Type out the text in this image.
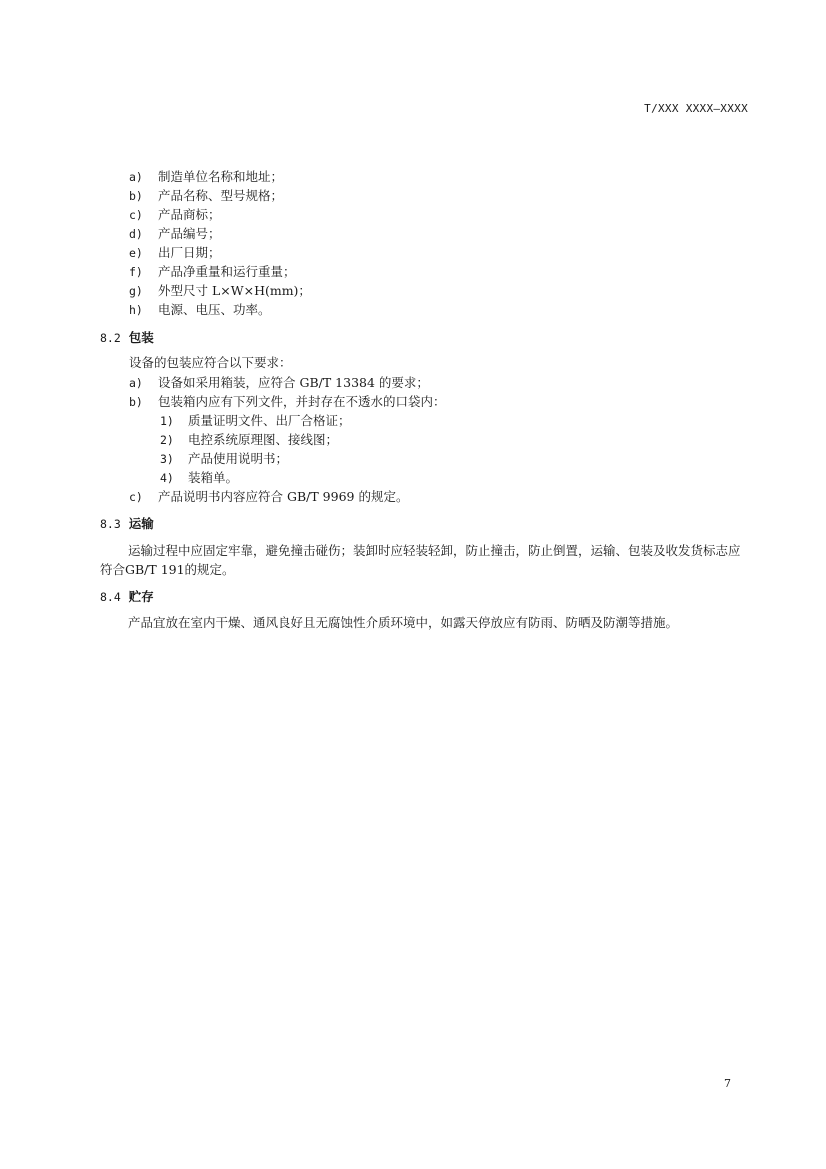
T/XXX XXXX—XXXX
a) 制造单位名称和地址；
b) 产品名称、型号规格；
c) 产品商标；
d) 产品编号；
e) 出厂日期；
f) 产品净重量和运行重量；
g) 外型尺寸 L×W×H(mm)；
h) 电源、电压、功率。
8.2 包装
设备的包装应符合以下要求：
a) 设备如采用箱装，应符合 GB/T 13384 的要求；
b) 包装箱内应有下列文件，并封存在不透水的口袋内：
1) 质量证明文件、出厂合格证；
2) 电控系统原理图、接线图；
3) 产品使用说明书；
4) 装箱单。
c) 产品说明书内容应符合 GB/T 9969 的规定。
8.3 运输
运输过程中应固定牢靠，避免撞击碰伤；装卸时应轻装轻卸，防止撞击，防止倒置，运输、包装及收发货标志应符合GB/T 191的规定。
8.4 贮存
产品宜放在室内干燥、通风良好且无腐蚀性介质环境中，如露天停放应有防雨、防晒及防潮等措施。
7
